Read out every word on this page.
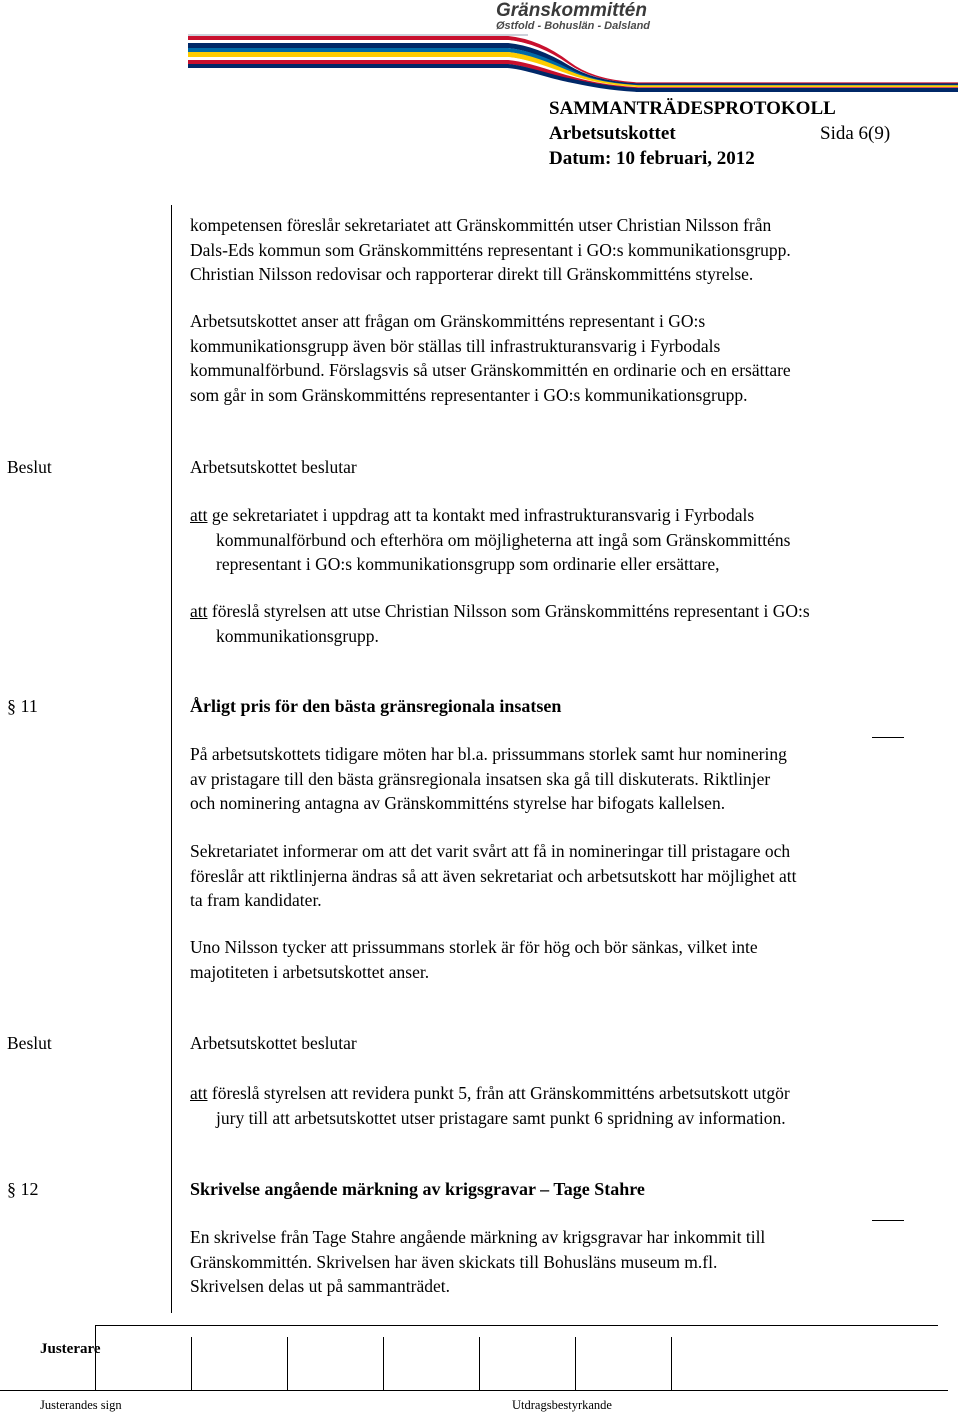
Gränskommittén
Østfold - Bohuslän - Dalsland
SAMMANTRÄDESPROTOKOLL
Arbetsutskottet	Sida 6(9)
Datum: 10 februari, 2012
kompetensen föreslår sekretariatet att Gränskommittén utser Christian Nilsson från
Dals-Eds kommun som Gränskommitténs representant i GO:s kommunikationsgrupp.
Christian Nilsson redovisar och rapporterar direkt till Gränskommitténs styrelse.
Arbetsutskottet anser att frågan om Gränskommitténs representant i GO:s
kommunikationsgrupp även bör ställas till infrastrukturansvarig i Fyrbodals
kommunalförbund. Förslagsvis så utser Gränskommittén en ordinarie och en ersättare
som går in som Gränskommitténs representanter i GO:s kommunikationsgrupp.
Beslut	Arbetsutskottet beslutar
att ge sekretariatet i uppdrag att ta kontakt med infrastrukturansvarig i Fyrbodals
kommunalförbund och efterhöra om möjligheterna att ingå som Gränskommitténs
representant i GO:s kommunikationsgrupp som ordinarie eller ersättare,
att föreslå styrelsen att utse Christian Nilsson som Gränskommitténs representant i GO:s
kommunikationsgrupp.
§ 11	Årligt pris för den bästa gränsregionala insatsen
På arbetsutskottets tidigare möten har bl.a. prissummans storlek samt hur nominering
av pristagare till den bästa gränsregionala insatsen ska gå till diskuterats. Riktlinjer
och nominering antagna av Gränskommitténs styrelse har bifogats kallelsen.
Sekretariatet informerar om att det varit svårt att få in nomineringar till pristagare och
föreslår att riktlinjerna ändras så att även sekretariat och arbetsutskott har möjlighet att
ta fram kandidater.
Uno Nilsson tycker att prissummans storlek är för hög och bör sänkas, vilket inte
majotiteten i arbetsutskottet anser.
Beslut	Arbetsutskottet beslutar
att föreslå styrelsen att revidera punkt 5, från att Gränskommitténs arbetsutskott utgör
jury till att arbetsutskottet utser pristagare samt punkt 6 spridning av information.
§ 12	Skrivelse angående märkning av krigsgravar – Tage Stahre
En skrivelse från Tage Stahre angående märkning av krigsgravar har inkommit till
Gränskommittén. Skrivelsen har även skickats till Bohusläns museum m.fl.
Skrivelsen delas ut på sammanträdet.
Justerare
Justerandes sign	Utdragsbestyrkande
